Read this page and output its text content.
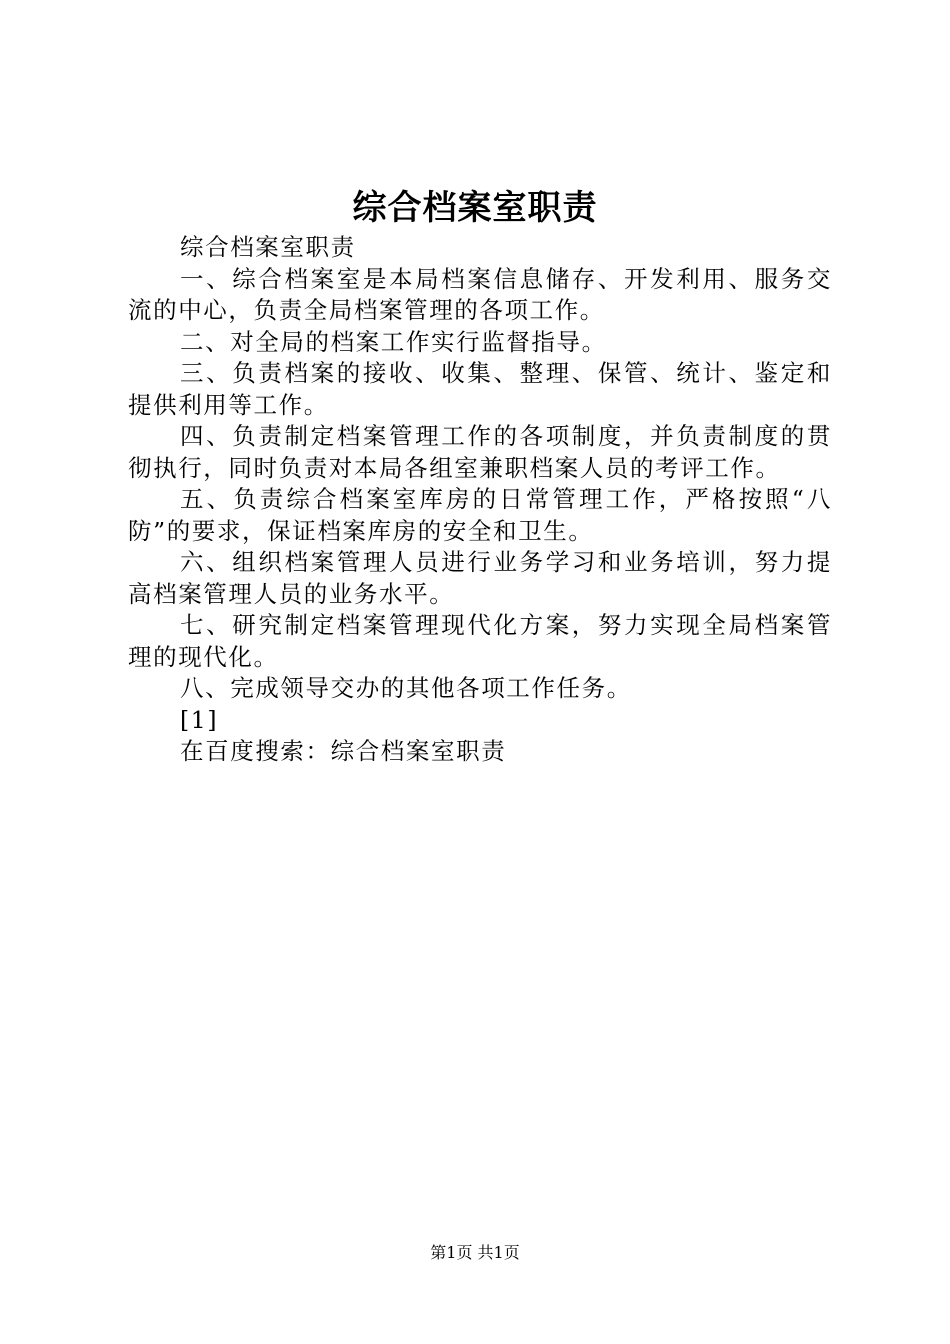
综合档案室职责

综合档案室职责

一、综合档案室是本局档案信息储存、开发利用、服务交流的中心，负责全局档案管理的各项工作。

二、对全局的档案工作实行监督指导。

三、负责档案的接收、收集、整理、保管、统计、鉴定和提供利用等工作。

四、负责制定档案管理工作的各项制度，并负责制度的贯彻执行，同时负责对本局各组室兼职档案人员的考评工作。

五、负责综合档案室库房的日常管理工作，严格按照“八防”的要求，保证档案库房的安全和卫生。

六、组织档案管理人员进行业务学习和业务培训，努力提高档案管理人员的业务水平。

七、研究制定档案管理现代化方案，努力实现全局档案管理的现代化。

八、完成领导交办的其他各项工作任务。

[1]

在百度搜索：综合档案室职责

第1页 共1页
